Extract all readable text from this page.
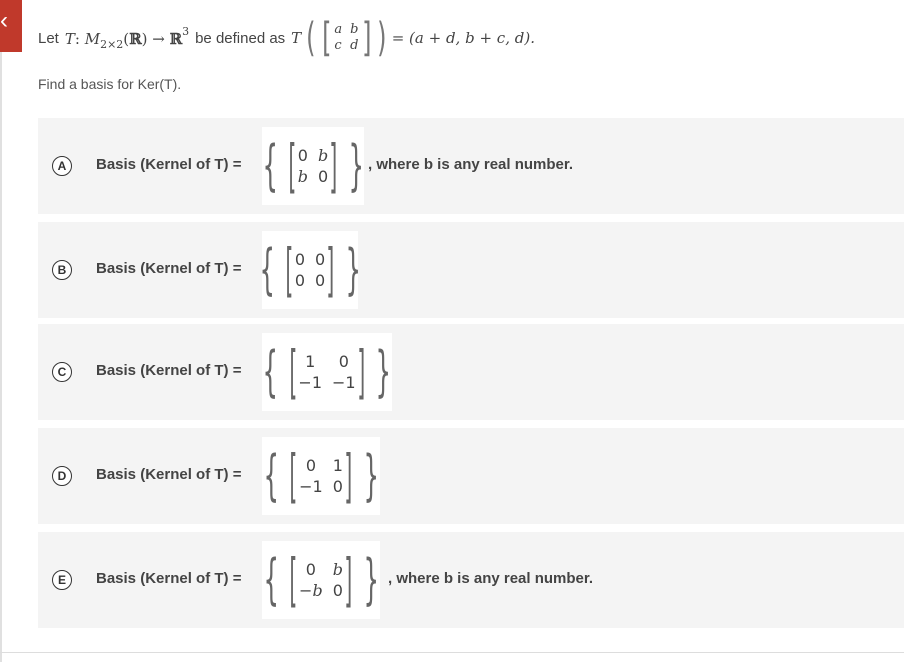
‹
Let T: $M_{2\times 2}(ℝ)$ → ℝ$^3$ be defined as T ( [ a b
c d ] ) = (a + d, b + c, d).
Find a basis for Ker(T).
A	Basis (Kernel of T) = { [ 0 b
b 0 ] } , where b is any real number.
B	Basis (Kernel of T) = { [ 0 0
0 0 ] }
C	Basis (Kernel of T) = { [ 1	0
−1 −1 ] }
D	Basis (Kernel of T) = { [ 0	1
−1 0 ] }
E	Basis (Kernel of T) = { [ 0	b
−b 0 ] } , where b is any real number.
